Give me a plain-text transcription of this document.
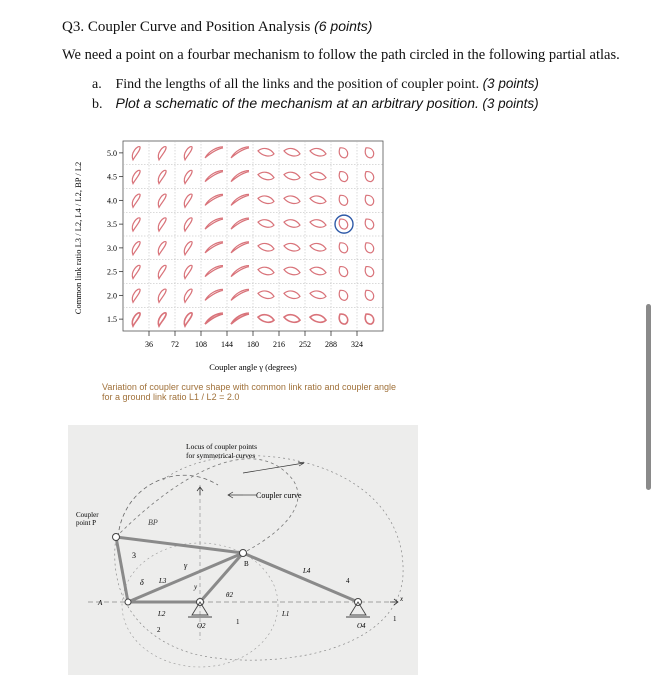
Q3. Coupler Curve and Position Analysis (6 points)
We need a point on a fourbar mechanism to follow the path circled in the following partial atlas.
a. Find the lengths of all the links and the position of coupler point. (3 points)
b. Plot a schematic of the mechanism at an arbitrary position. (3 points)
5.0
4.5
4.0
3.5
3.0
2.5
2.0
1.5
36 72 108 144 180 216 252 288 324
Common link ratio L3 / L2, L4 / L2, BP / L2
Coupler angle γ (degrees)
Variation of coupler curve shape with common link ratio and coupler angle
for a ground link ratio L1 / L2 = 2.0
Locus of coupler points
for symmetrical curves
Coupler curve
Coupler
point P	BP
3
δ L3
γ	B
L4
4
y
θ2
A
L2
2	O2	1
L1
O4
x
1
